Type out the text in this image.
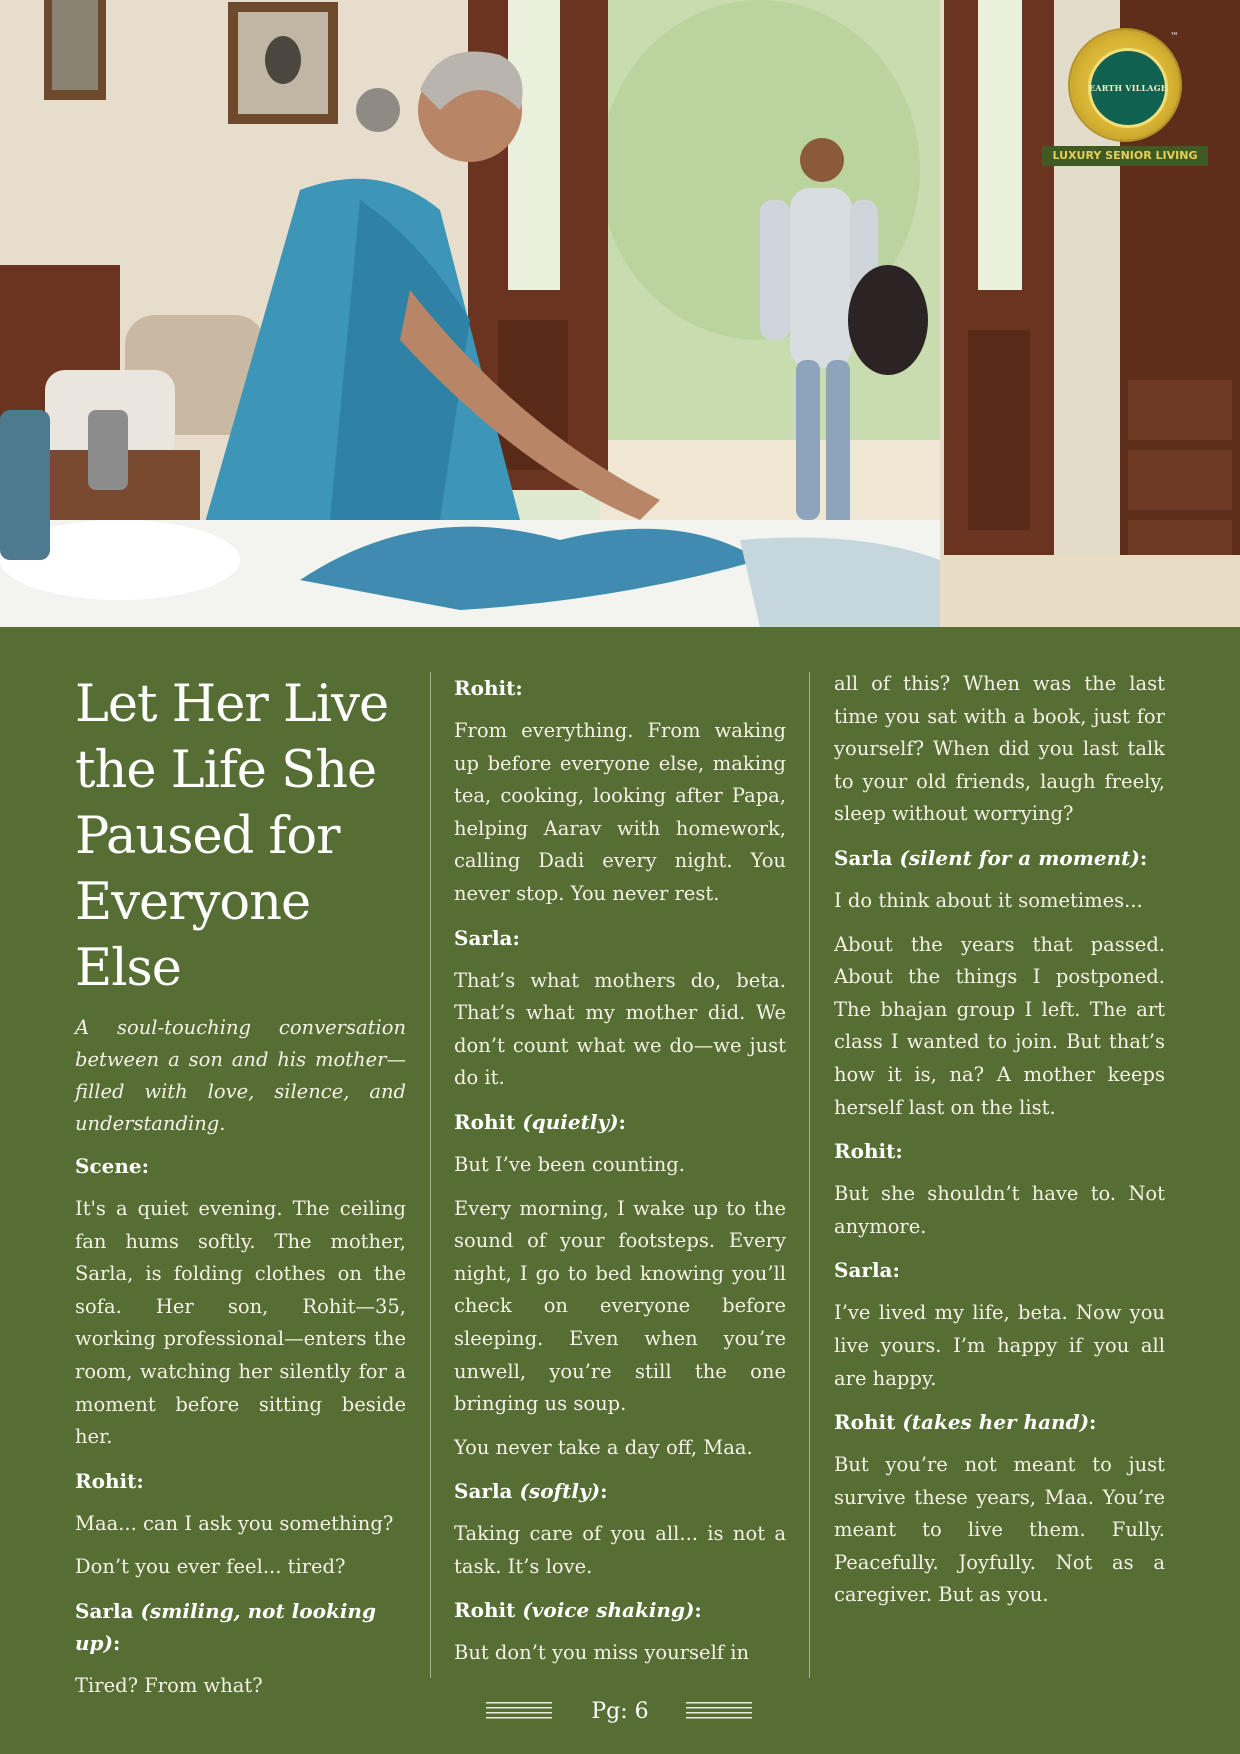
EARTH VILLAGE
™
LUXURY SENIOR LIVING
Let Her Live the Life She Paused for Everyone Else

A soul-touching conversation between a son and his mother—filled with love, silence, and understanding.

Scene:

It's a quiet evening. The ceiling fan hums softly. The mother, Sarla, is folding clothes on the sofa. Her son, Rohit—35, working professional—enters the room, watching her silently for a moment before sitting beside her.

Rohit:

Maa... can I ask you something?

Don’t you ever feel... tired?

Sarla (smiling, not looking up):

Tired? From what?

Rohit:

From everything. From waking up before everyone else, making tea, cooking, looking after Papa, helping Aarav with homework, calling Dadi every night. You never stop. You never rest.

Sarla:

That’s what mothers do, beta. That’s what my mother did. We don’t count what we do—we just do it.

Rohit (quietly):

But I’ve been counting.

Every morning, I wake up to the sound of your footsteps. Every night, I go to bed knowing you’ll check on everyone before sleeping. Even when you’re unwell, you’re still the one bringing us soup.

You never take a day off, Maa.

Sarla (softly):

Taking care of you all... is not a task. It’s love.

Rohit (voice shaking):

But don’t you miss yourself in

all of this? When was the last time you sat with a book, just for yourself? When did you last talk to your old friends, laugh freely, sleep without worrying?

Sarla (silent for a moment):

I do think about it sometimes...

About the years that passed. About the things I postponed. The bhajan group I left. The art class I wanted to join. But that’s how it is, na? A mother keeps herself last on the list.

Rohit:

But she shouldn’t have to. Not anymore.

Sarla:

I’ve lived my life, beta. Now you live yours. I’m happy if you all are happy.

Rohit (takes her hand):

But you’re not meant to just survive these years, Maa. You’re meant to live them. Fully. Peacefully. Joyfully. Not as a caregiver. But as you.

Pg: 6
